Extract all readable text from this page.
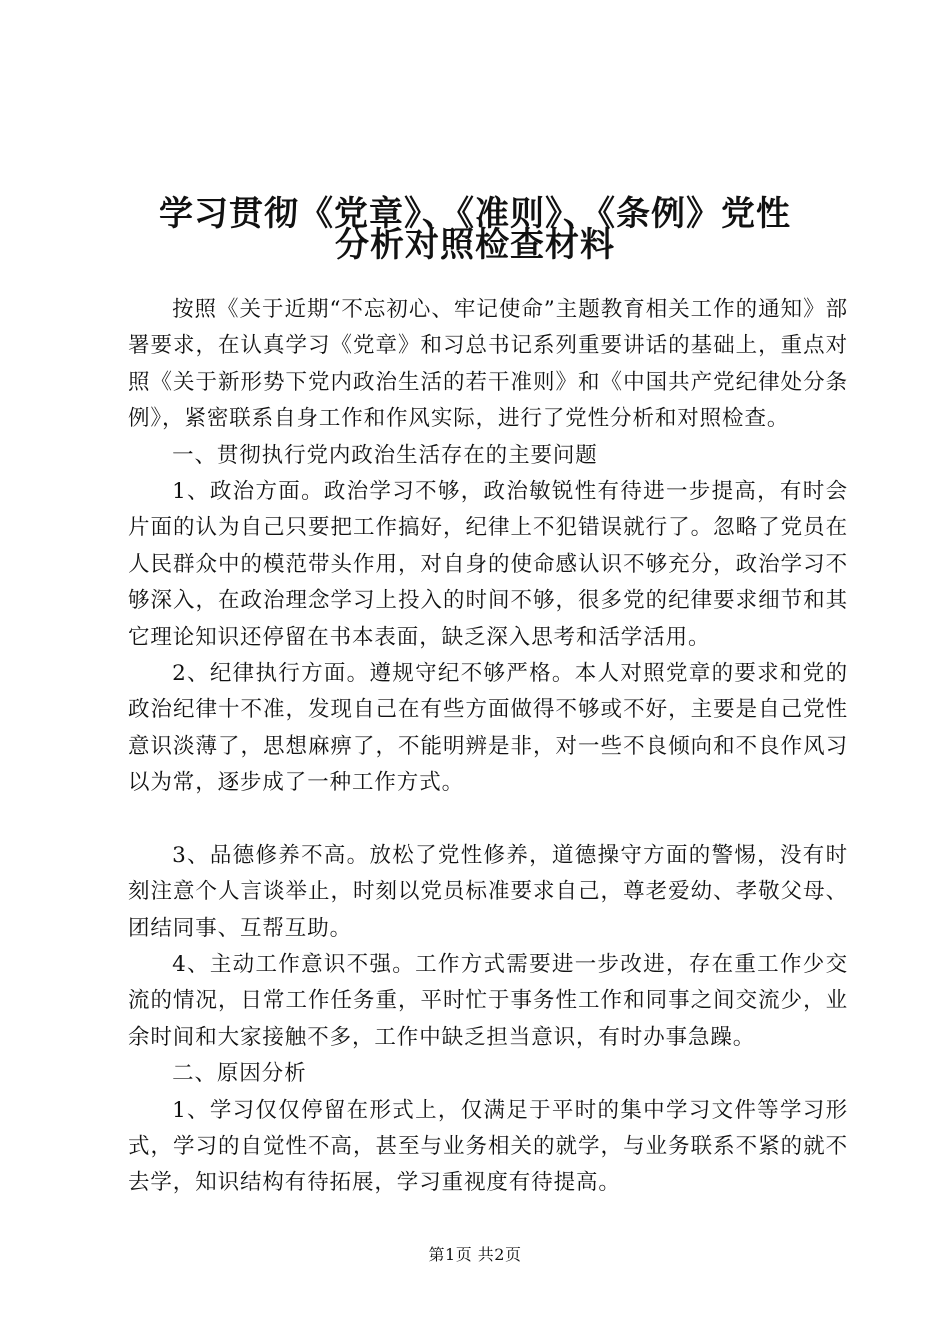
学习贯彻《党章》、《准则》、《条例》党性
分析对照检查材料

按照《关于近期“不忘初心、牢记使命”主题教育相关工作的通知》部署要求，在认真学习《党章》和习总书记系列重要讲话的基础上，重点对照《关于新形势下党内政治生活的若干准则》和《中国共产党纪律处分条例》，紧密联系自身工作和作风实际，进行了党性分析和对照检查。

一、贯彻执行党内政治生活存在的主要问题

1、政治方面。政治学习不够，政治敏锐性有待进一步提高，有时会片面的认为自己只要把工作搞好，纪律上不犯错误就行了。忽略了党员在人民群众中的模范带头作用，对自身的使命感认识不够充分，政治学习不够深入，在政治理念学习上投入的时间不够，很多党的纪律要求细节和其它理论知识还停留在书本表面，缺乏深入思考和活学活用。

2、纪律执行方面。遵规守纪不够严格。本人对照党章的要求和党的政治纪律十不准，发现自己在有些方面做得不够或不好，主要是自己党性意识淡薄了，思想麻痹了，不能明辨是非，对一些不良倾向和不良作风习以为常，逐步成了一种工作方式。

3、品德修养不高。放松了党性修养，道德操守方面的警惕，没有时刻注意个人言谈举止，时刻以党员标准要求自己，尊老爱幼、孝敬父母、团结同事、互帮互助。

4、主动工作意识不强。工作方式需要进一步改进，存在重工作少交流的情况，日常工作任务重，平时忙于事务性工作和同事之间交流少，业余时间和大家接触不多，工作中缺乏担当意识，有时办事急躁。

二、原因分析

1、学习仅仅停留在形式上，仅满足于平时的集中学习文件等学习形式，学习的自觉性不高，甚至与业务相关的就学，与业务联系不紧的就不去学，知识结构有待拓展，学习重视度有待提高。

第1页 共2页
